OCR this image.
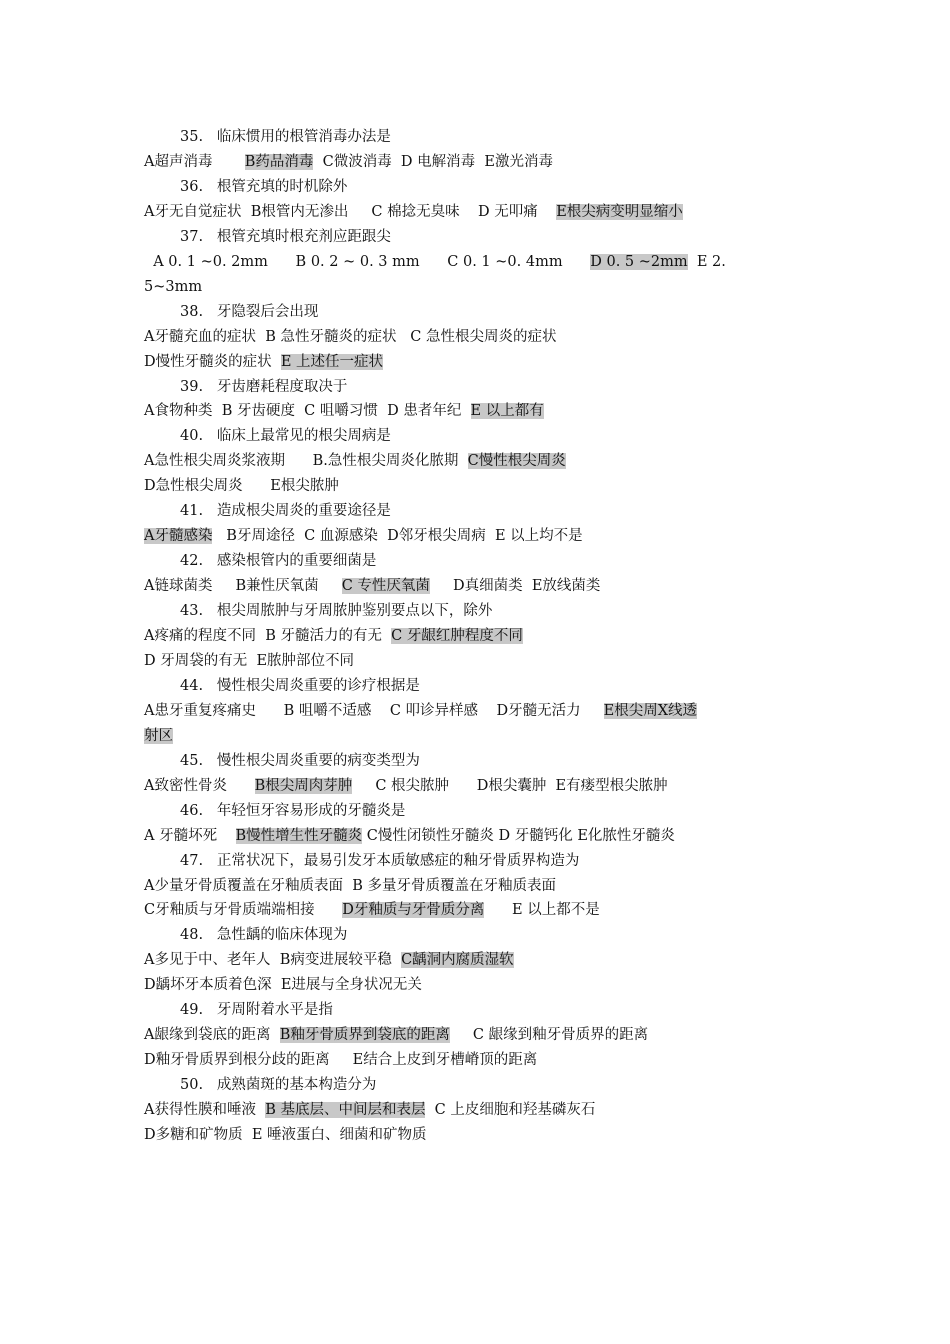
35.   临床惯用的根管消毒办法是
A超声消毒       B药品消毒  C微波消毒  D 电解消毒  E激光消毒
36.   根管充填的时机除外
A牙无自觉症状  B根管内无渗出     C 棉捻无臭味    D 无叩痛    E根尖病变明显缩小
37.   根管充填时根充剂应距跟尖
A 0. 1 ~0. 2mm      B 0. 2 ~ 0. 3 mm      C 0. 1 ~0. 4mm      D 0. 5 ~2mm  E 2.
5~3mm
38.   牙隐裂后会出现
A牙髓充血的症状  B 急性牙髓炎的症状   C 急性根尖周炎的症状
D慢性牙髓炎的症状  E 上述任一症状
39.   牙齿磨耗程度取决于
A食物种类  B 牙齿硬度  C 咀嚼习惯  D 患者年纪  E 以上都有
40.   临床上最常见的根尖周病是
A急性根尖周炎浆液期      B.急性根尖周炎化脓期  C慢性根尖周炎
D急性根尖周炎      E根尖脓肿
41.   造成根尖周炎的重要途径是
A牙髓感染   B牙周途径  C 血源感染  D邻牙根尖周病  E 以上均不是
42.   感染根管内的重要细菌是
A链球菌类     B兼性厌氧菌     C 专性厌氧菌     D真细菌类  E放线菌类
43.   根尖周脓肿与牙周脓肿鉴别要点以下，除外
A疼痛的程度不同  B 牙髓活力的有无  C 牙龈红肿程度不同
D 牙周袋的有无  E脓肿部位不同
44.   慢性根尖周炎重要的诊疗根据是
A患牙重复疼痛史      B 咀嚼不适感    C 叩诊异样感    D牙髓无活力     E根尖周X线透
射区
45.   慢性根尖周炎重要的病变类型为
A致密性骨炎      B根尖周肉芽肿     C 根尖脓肿      D根尖囊肿  E有瘘型根尖脓肿
46.   年轻恒牙容易形成的牙髓炎是
A 牙髓坏死    B慢性增生性牙髓炎 C慢性闭锁性牙髓炎 D 牙髓钙化 E化脓性牙髓炎
47.   正常状况下，最易引发牙本质敏感症的釉牙骨质界构造为
A少量牙骨质覆盖在牙釉质表面  B 多量牙骨质覆盖在牙釉质表面
C牙釉质与牙骨质端端相接      D牙釉质与牙骨质分离      E 以上都不是
48.   急性龋的临床体现为
A多见于中、老年人  B病变进展较平稳  C龋洞内腐质湿软
D龋坏牙本质着色深  E进展与全身状况无关
49.   牙周附着水平是指
A龈缘到袋底的距离  B釉牙骨质界到袋底的距离     C 龈缘到釉牙骨质界的距离
D釉牙骨质界到根分歧的距离     E结合上皮到牙槽嵴顶的距离
50.   成熟菌斑的基本构造分为
A获得性膜和唾液  B 基底层、中间层和表层  C 上皮细胞和羟基磷灰石
D多糖和矿物质  E 唾液蛋白、细菌和矿物质
